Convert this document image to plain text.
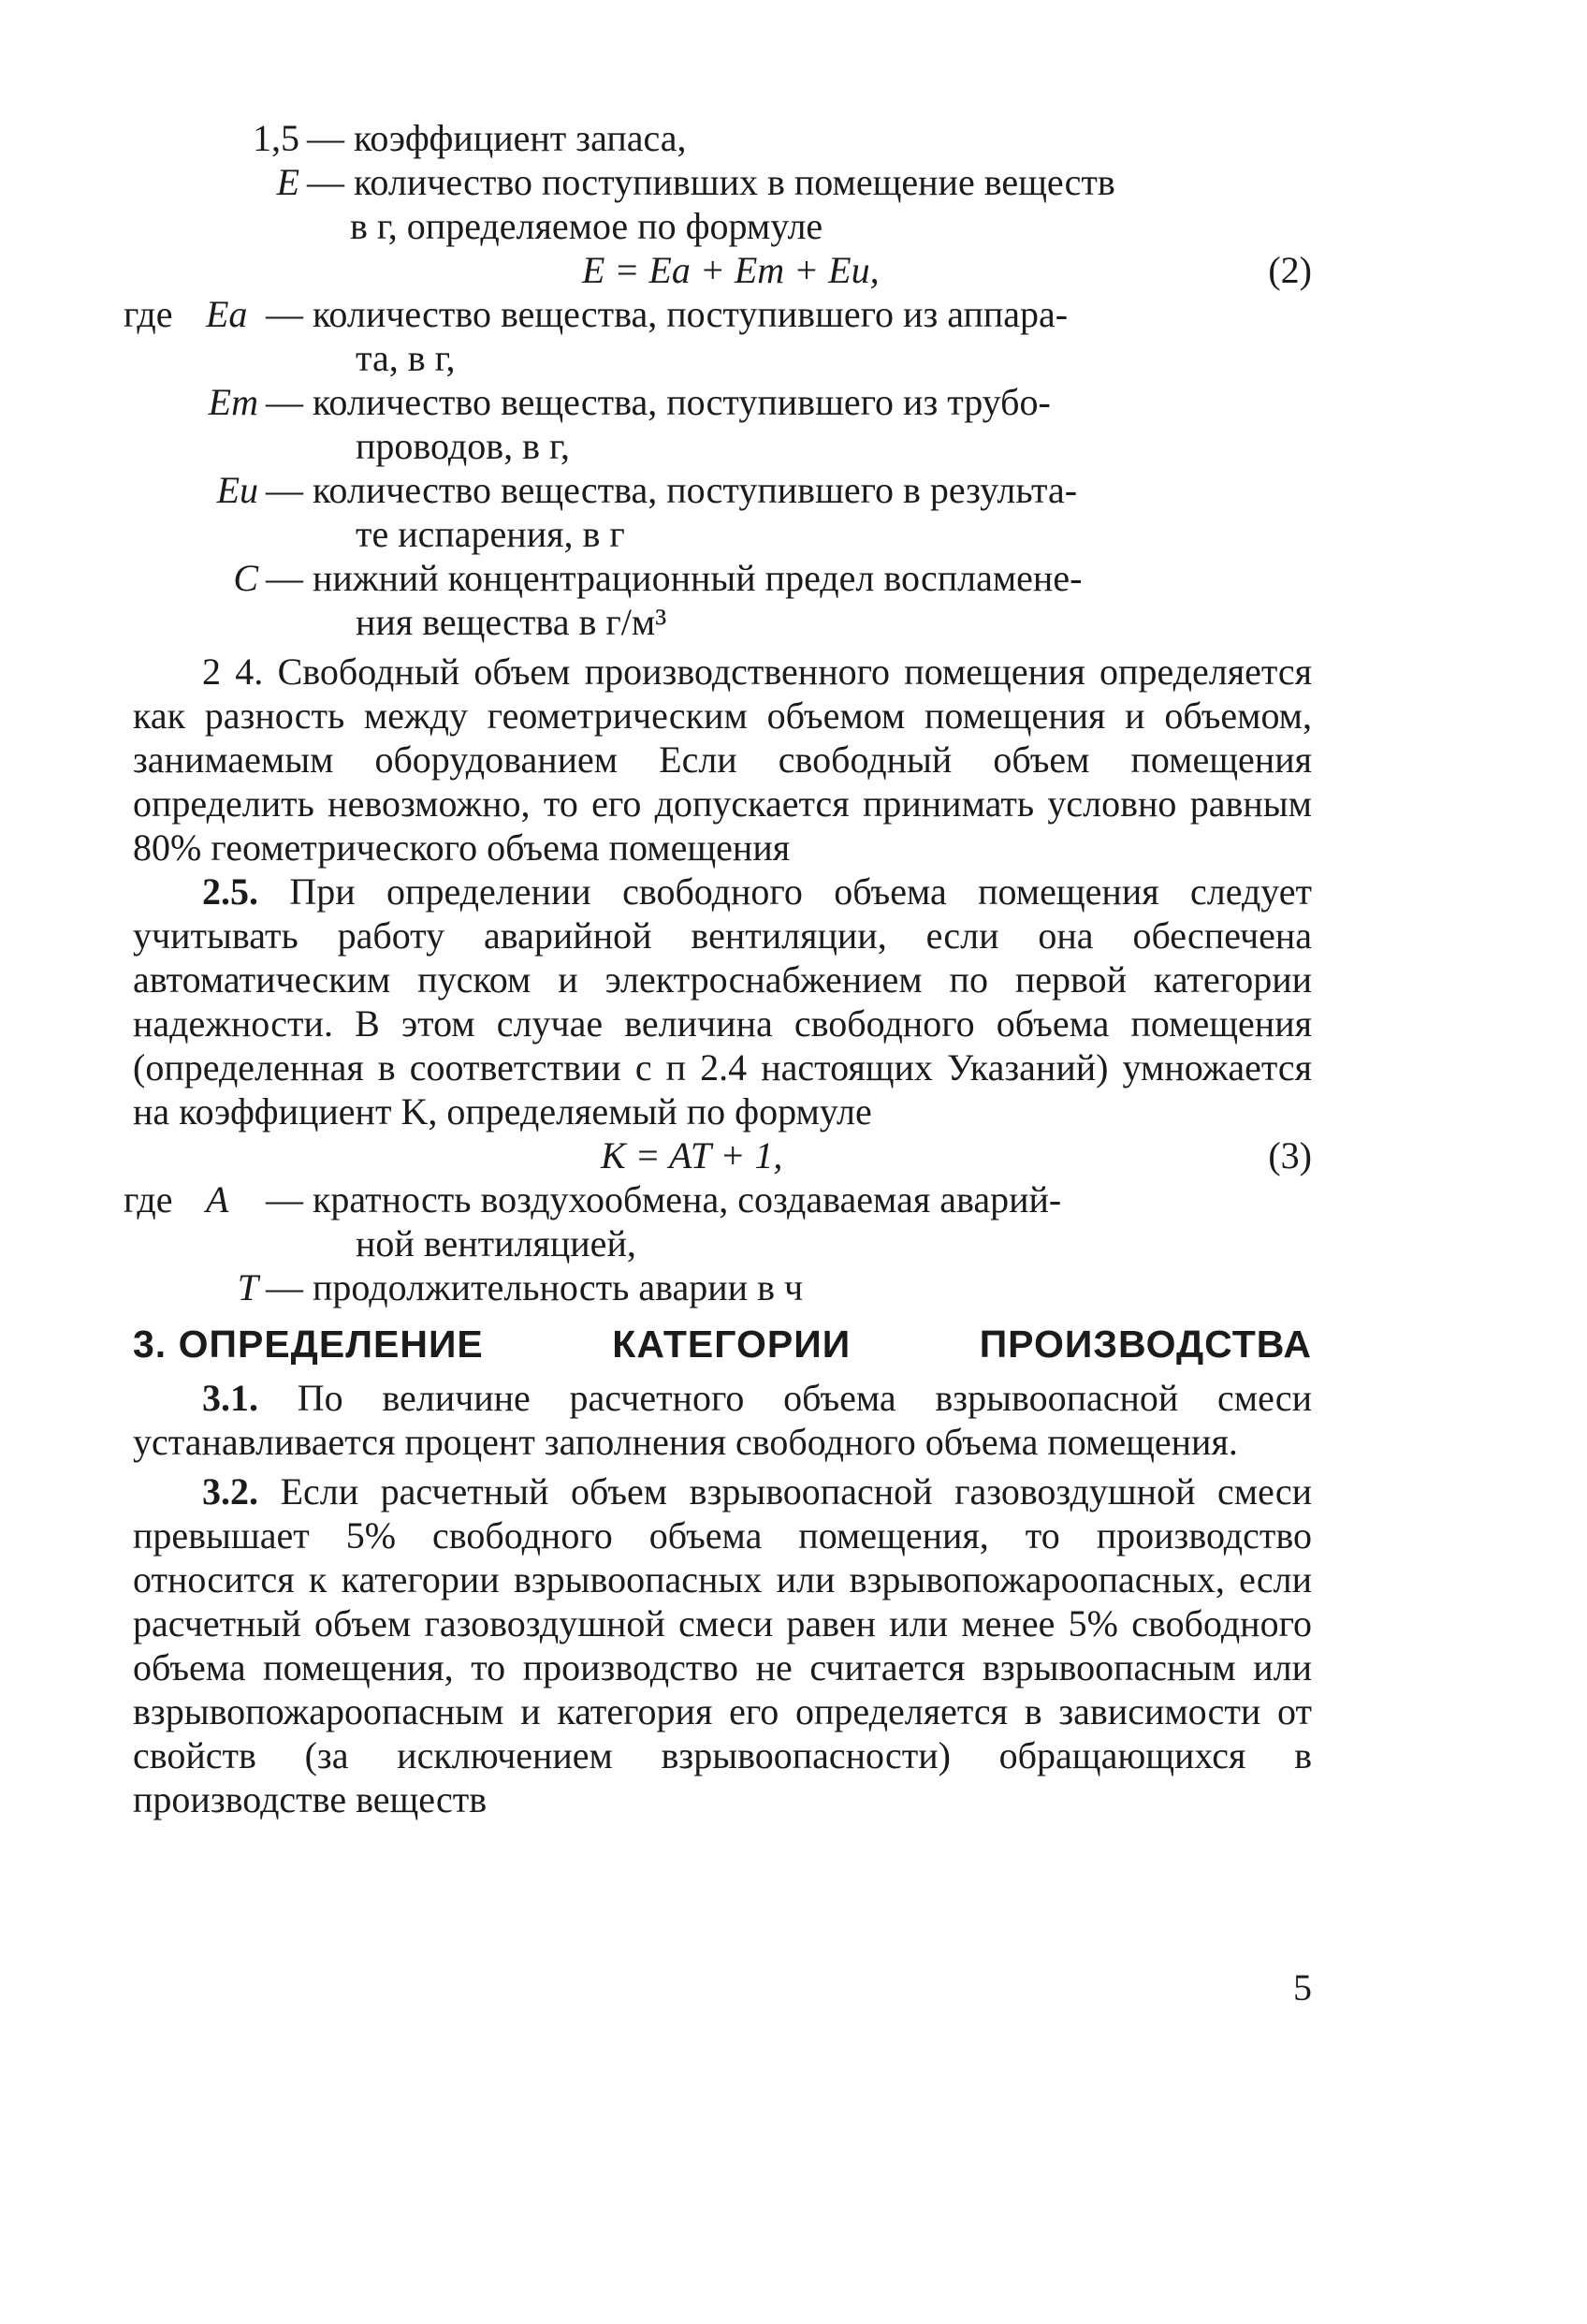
1,5 — коэффициент запаса,
E — количество поступивших в помещение веществ
в г, определяемое по формуле
E = Eа + Eт + Eи,	(2)
где Eа — количество вещества, поступившего из аппара-
та, в г,
Eт — количество вещества, поступившего из трубо-
проводов, в г,
Eи — количество вещества, поступившего в результа-
те испарения, в г
C — нижний концентрационный предел воспламене-
ния вещества в г/м³

2 4. Свободный объем производственного помещения определяется как разность между геометрическим объемом помещения и объемом, занимаемым оборудованием Если свободный объем помещения определить невозможно, то его допускается принимать условно равным 80% геометрического объема помещения

2.5. При определении свободного объема помещения следует учитывать работу аварийной вентиляции, если она обеспечена автоматическим пуском и электроснабжением по первой категории надежности. В этом случае величина свободного объема помещения (определенная в соответствии с п 2.4 настоящих Указаний) умножается на коэффициент K, определяемый по формуле

K = AT + 1,	(3)
где A — кратность воздухообмена, создаваемая аварий-
ной вентиляцией,
T — продолжительность аварии в ч
3. ОПРЕДЕЛЕНИЕ	КАТЕГОРИИ	ПРОИЗВОДСТВА

3.1. По величине расчетного объема взрывоопасной смеси устанавливается процент заполнения свободного объема помещения.

3.2. Если расчетный объем взрывоопасной газовоздушной смеси превышает 5% свободного объема помещения, то производство относится к категории взрывоопасных или взрывопожароопасных, если расчетный объем газовоздушной смеси равен или менее 5% свободного объема помещения, то производство не считается взрывоопасным или взрывопожароопасным и категория его определяется в зависимости от свойств (за исключением взрывоопасности) обращающихся в производстве веществ

5
